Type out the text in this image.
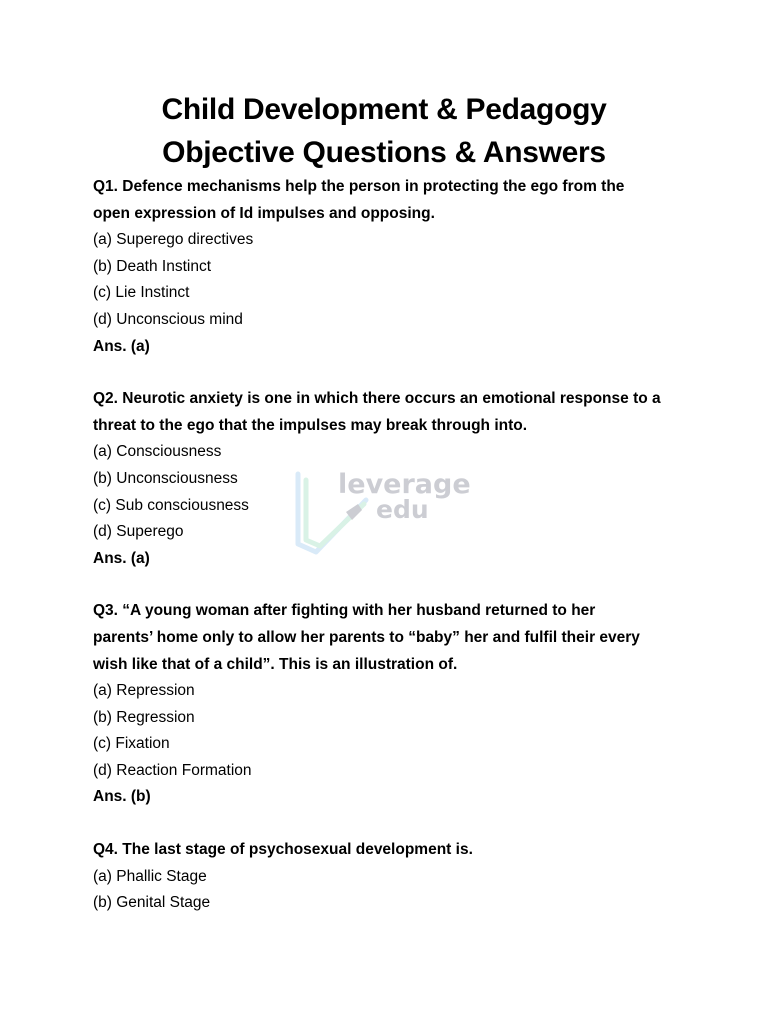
Child Development & Pedagogy
Objective Questions & Answers
leverage
edu

Q1. Defence mechanisms help the person in protecting the ego from the

open expression of Id impulses and opposing.

(a) Superego directives

(b) Death Instinct

(c) Lie Instinct

(d) Unconscious mind

Ans. (a)

Q2. Neurotic anxiety is one in which there occurs an emotional response to a

threat to the ego that the impulses may break through into.

(a) Consciousness

(b) Unconsciousness

(c) Sub consciousness

(d) Superego

Ans. (a)

Q3. “A young woman after fighting with her husband returned to her

parents’ home only to allow her parents to “baby” her and fulfil their every

wish like that of a child”. This is an illustration of.

(a) Repression

(b) Regression

(c) Fixation

(d) Reaction Formation

Ans. (b)

Q4. The last stage of psychosexual development is.

(a) Phallic Stage

(b) Genital Stage
